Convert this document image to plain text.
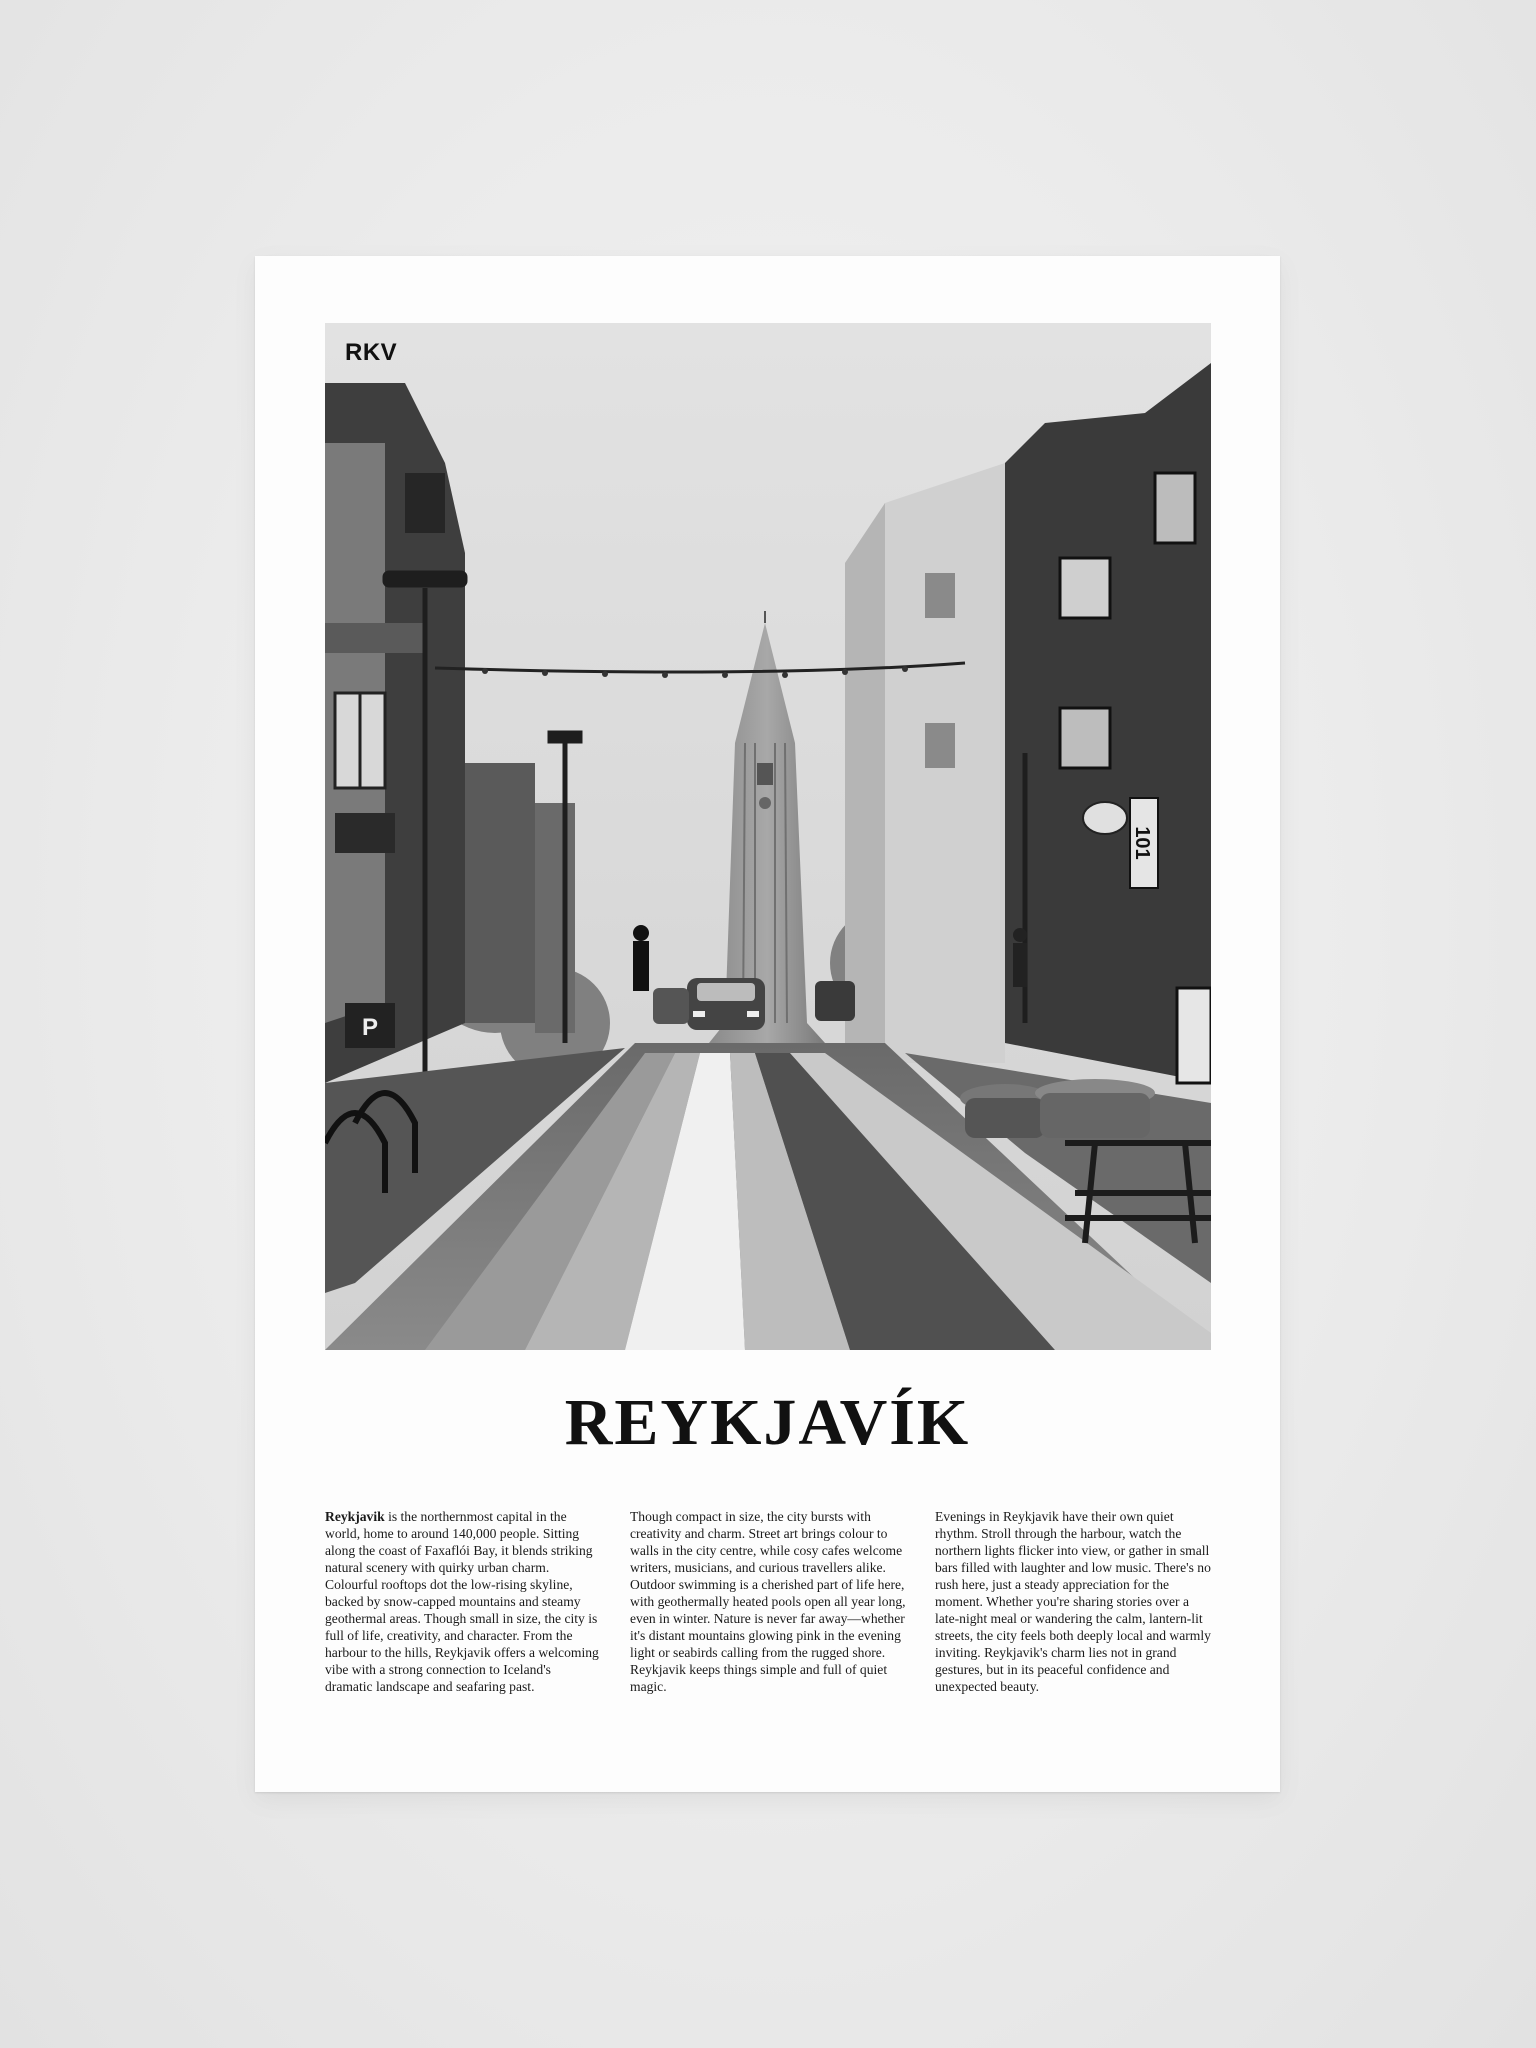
101
P
RKV
REYKJAVÍK

Reykjavik is the northernmost capital in the world, home to around 140,000 people. Sitting along the coast of Faxaflói Bay, it blends striking natural scenery with quirky urban charm. Colourful rooftops dot the low-rising skyline, backed by snow-capped mountains and steamy geothermal areas. Though small in size, the city is full of life, creativity, and character. From the harbour to the hills, Reykjavik offers a welcoming vibe with a strong connection to Iceland's dramatic landscape and seafaring past.

Though compact in size, the city bursts with creativity and charm. Street art brings colour to walls in the city centre, while cosy cafes welcome writers, musicians, and curious travellers alike. Outdoor swimming is a cherished part of life here, with geothermally heated pools open all year long, even in winter. Nature is never far away—whether it's distant mountains glowing pink in the evening light or seabirds calling from the rugged shore. Reykjavik keeps things simple and full of quiet magic.

Evenings in Reykjavik have their own quiet rhythm. Stroll through the harbour, watch the northern lights flicker into view, or gather in small bars filled with laughter and low music. There's no rush here, just a steady appreciation for the moment. Whether you're sharing stories over a late-night meal or wandering the calm, lantern-lit streets, the city feels both deeply local and warmly inviting. Reykjavik's charm lies not in grand gestures, but in its peaceful confidence and unexpected beauty.
